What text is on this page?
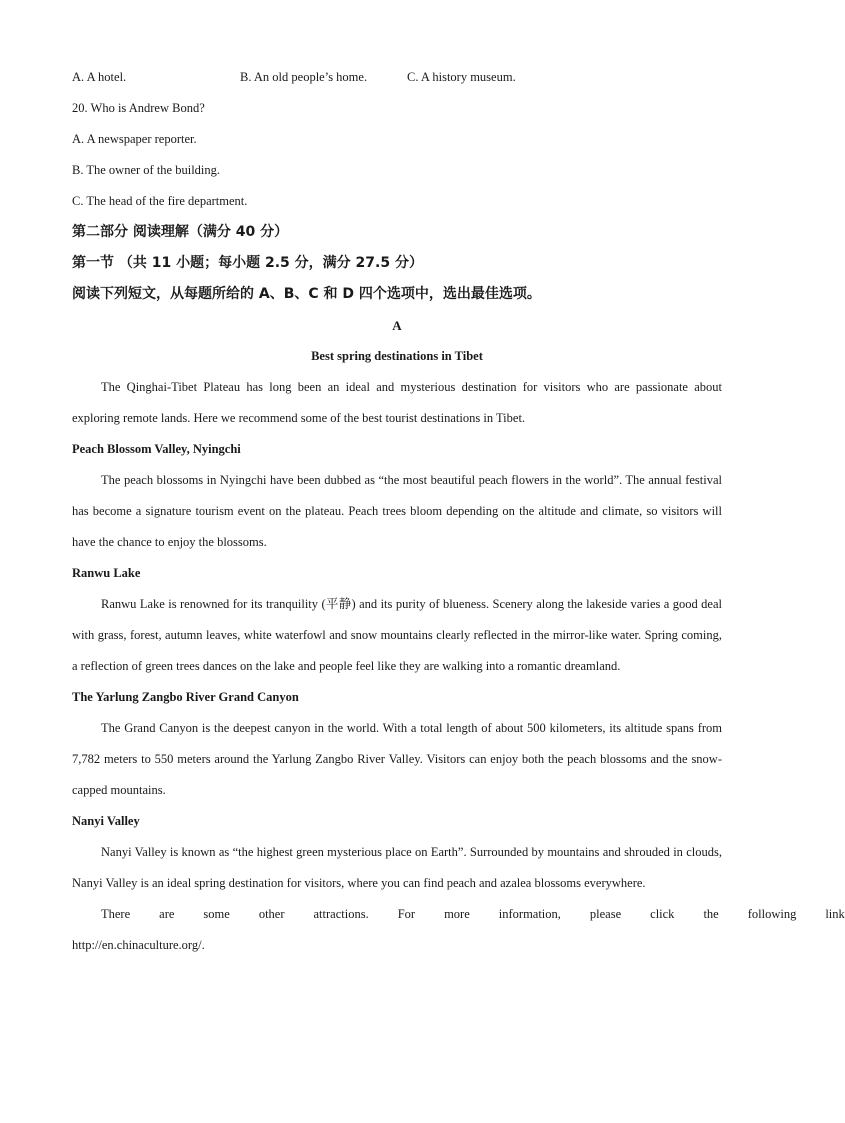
A. A hotel.	B. An old people’s home.	C. A history museum.
20. Who is Andrew Bond?
A. A newspaper reporter.
B. The owner of the building.
C. The head of the fire department.
第二部分 阅读理解（满分 40 分）
第一节 （共 11 小题；每小题 2.5 分，满分 27.5 分）
阅读下列短文，从每题所给的 A、B、C 和 D 四个选项中，选出最佳选项。
A
Best spring destinations in Tibet

The Qinghai-Tibet Plateau has long been an ideal and mysterious destination for visitors who are passionate about exploring remote lands. Here we recommend some of the best tourist destinations in Tibet.

Peach Blossom Valley, Nyingchi

The peach blossoms in Nyingchi have been dubbed as “the most beautiful peach flowers in the world”. The annual festival has become a signature tourism event on the plateau. Peach trees bloom depending on the altitude and climate, so visitors will have the chance to enjoy the blossoms.

Ranwu Lake

Ranwu Lake is renowned for its tranquility (平静) and its purity of blueness. Scenery along the lakeside varies a good deal with grass, forest, autumn leaves, white waterfowl and snow mountains clearly reflected in the mirror-like water. Spring coming, a reflection of green trees dances on the lake and people feel like they are walking into a romantic dreamland.

The Yarlung Zangbo River Grand Canyon

The Grand Canyon is the deepest canyon in the world. With a total length of about 500 kilometers, its altitude spans from 7,782 meters to 550 meters around the Yarlung Zangbo River Valley. Visitors can enjoy both the peach blossoms and the snow-capped mountains.

Nanyi Valley

Nanyi Valley is known as “the highest green mysterious place on Earth”. Surrounded by mountains and shrouded in clouds, Nanyi Valley is an ideal spring destination for visitors, where you can find peach and azalea blossoms everywhere.

There	are	some	other	attractions.	For	more	information,	please	click	the	following	link
http://en.chinaculture.org/.
